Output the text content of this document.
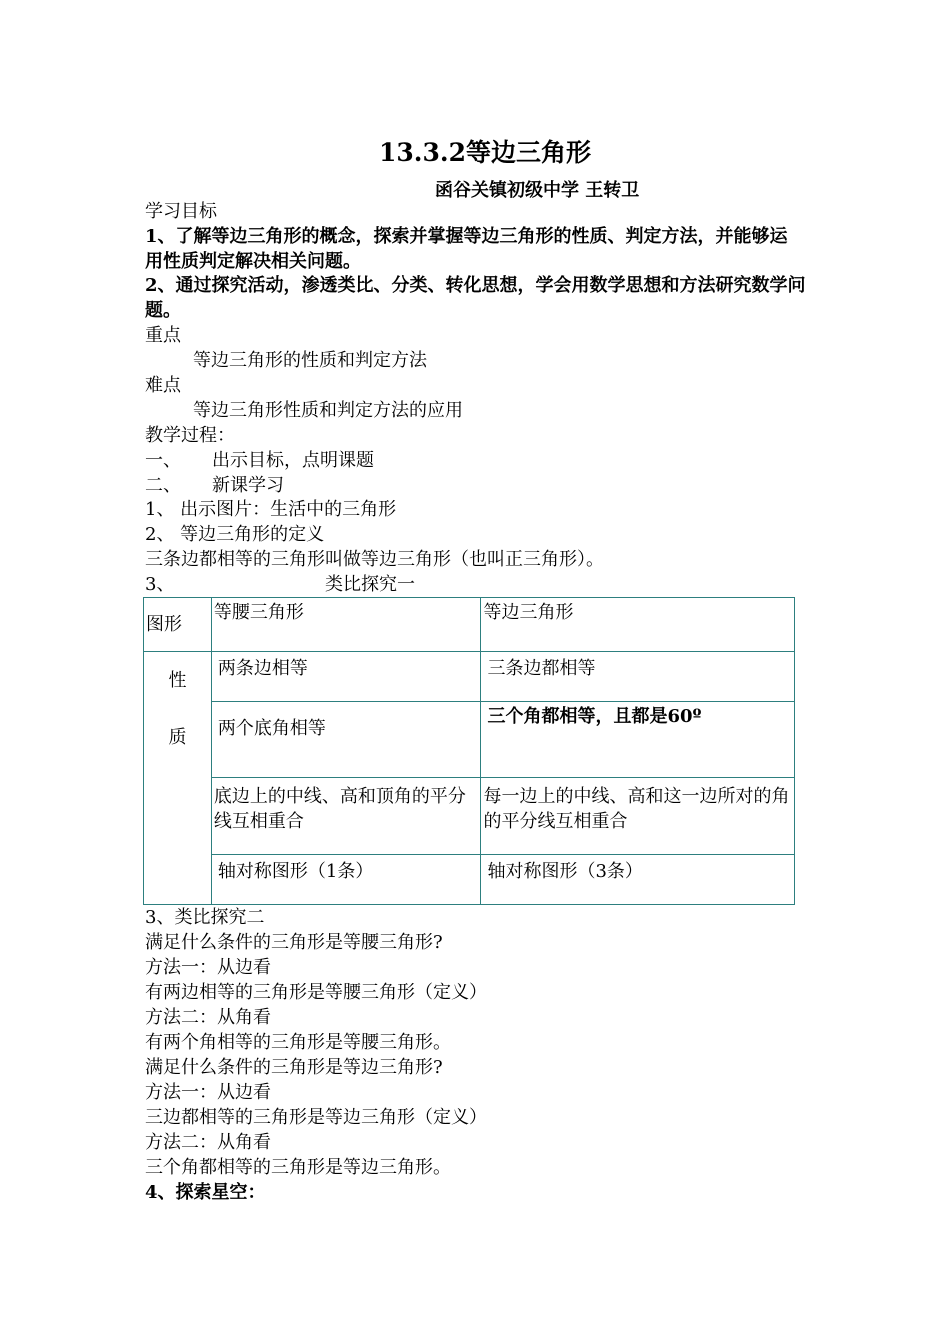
13.3.2等边三角形
函谷关镇初级中学 王转卫
学习目标
1、了解等边三角形的概念，探索并掌握等边三角形的性质、判定方法，并能够运
用性质判定解决相关问题。
2、通过探究活动，渗透类比、分类、转化思想，学会用数学思想和方法研究数学问
题。
重点
等边三角形的性质和判定方法
难点
等边三角形性质和判定方法的应用
教学过程：
一、 出示目标，点明课题
二、 新课学习
1、 出示图片：生活中的三角形
2、 等边三角形的定义
三条边都相等的三角形叫做等边三角形（也叫正三角形）。
3、	类比探究一
图形	等腰三角形	等边三角形

性
质	两条边相等	三条边都相等

	两个底角相等	三个角都相等，且都是60º

	底边上的中线、高和顶角的平分线互相重合	每一边上的中线、高和这一边所对的角的平分线互相重合

	轴对称图形（1条）	轴对称图形（3条）
3、类比探究二
满足什么条件的三角形是等腰三角形?
方法一：从边看
有两边相等的三角形是等腰三角形（定义）
方法二：从角看
有两个角相等的三角形是等腰三角形。
满足什么条件的三角形是等边三角形?
方法一：从边看
三边都相等的三角形是等边三角形（定义）
方法二：从角看
三个角都相等的三角形是等边三角形。
4、探索星空：
